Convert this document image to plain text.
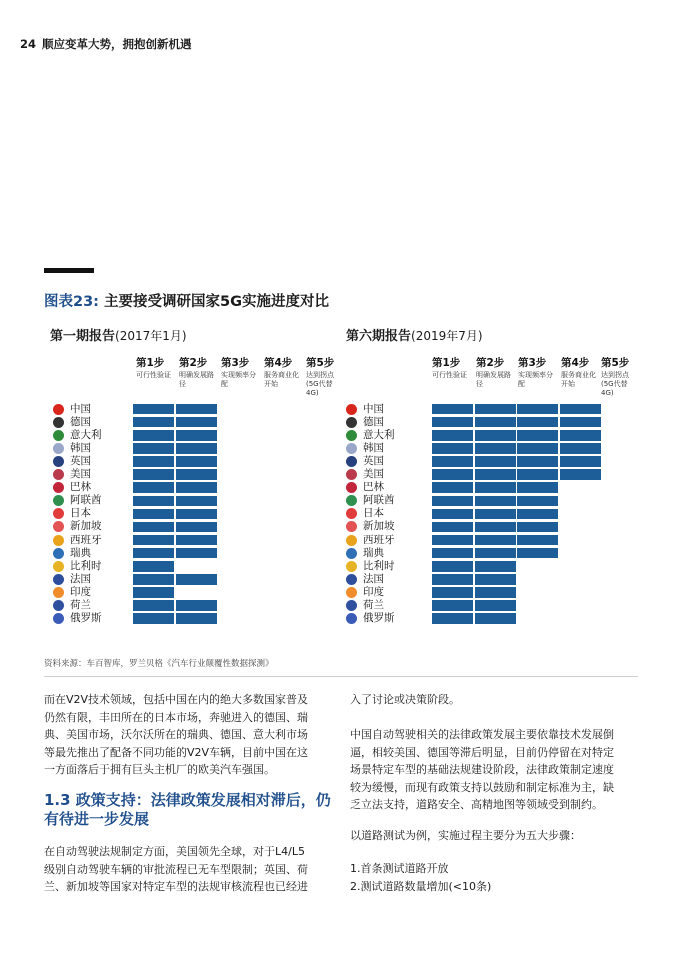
24 顺应变革大势，拥抱创新机遇
图表23: 主要接受调研国家5G实施进度对比
第一期报告(2017年1月)
第1步
可行性验证
第2步
明确发展路径
第3步
实现频率分配
第4步
服务商业化开始
第5步
达到拐点(5G代替4G)
中国
德国
意大利
韩国
英国
美国
巴林
阿联酋
日本
新加坡
西班牙
瑞典
比利时
法国
印度
荷兰
俄罗斯
第六期报告(2019年7月)
第1步
可行性验证
第2步
明确发展路径
第3步
实现频率分配
第4步
服务商业化开始
第5步
达到拐点(5G代替4G)
中国
德国
意大利
韩国
英国
美国
巴林
阿联酋
日本
新加坡
西班牙
瑞典
比利时
法国
印度
荷兰
俄罗斯
资料来源：车百智库，罗兰贝格《汽车行业颠覆性数据探测》
而在V2V技术领域，包括中国在内的绝大多数国家普及
仍然有限，丰田所在的日本市场，奔驰进入的德国、瑞
典、美国市场，沃尔沃所在的瑞典、德国、意大利市场
等最先推出了配备不同功能的V2V车辆，目前中国在这
一方面落后于拥有巨头主机厂的欧美汽车强国。
在自动驾驶法规制定方面，美国领先全球，对于L4/L5
级别自动驾驶车辆的审批流程已无车型限制；英国、荷
兰、新加坡等国家对特定车型的法规审核流程也已经进
入了讨论或决策阶段。
中国自动驾驶相关的法律政策发展主要依靠技术发展倒
逼，相较美国、德国等滞后明显，目前仍停留在对特定
场景特定车型的基础法规建设阶段，法律政策制定速度
较为缓慢，而现有政策支持以鼓励和制定标准为主，缺
乏立法支持，道路安全、高精地图等领域受到制约。
以道路测试为例，实施过程主要分为五大步骤：
1.首条测试道路开放
2.测试道路数量增加(<10条)
1.3 政策支持：法律政策发展相对滞后，仍有待进一步发展
